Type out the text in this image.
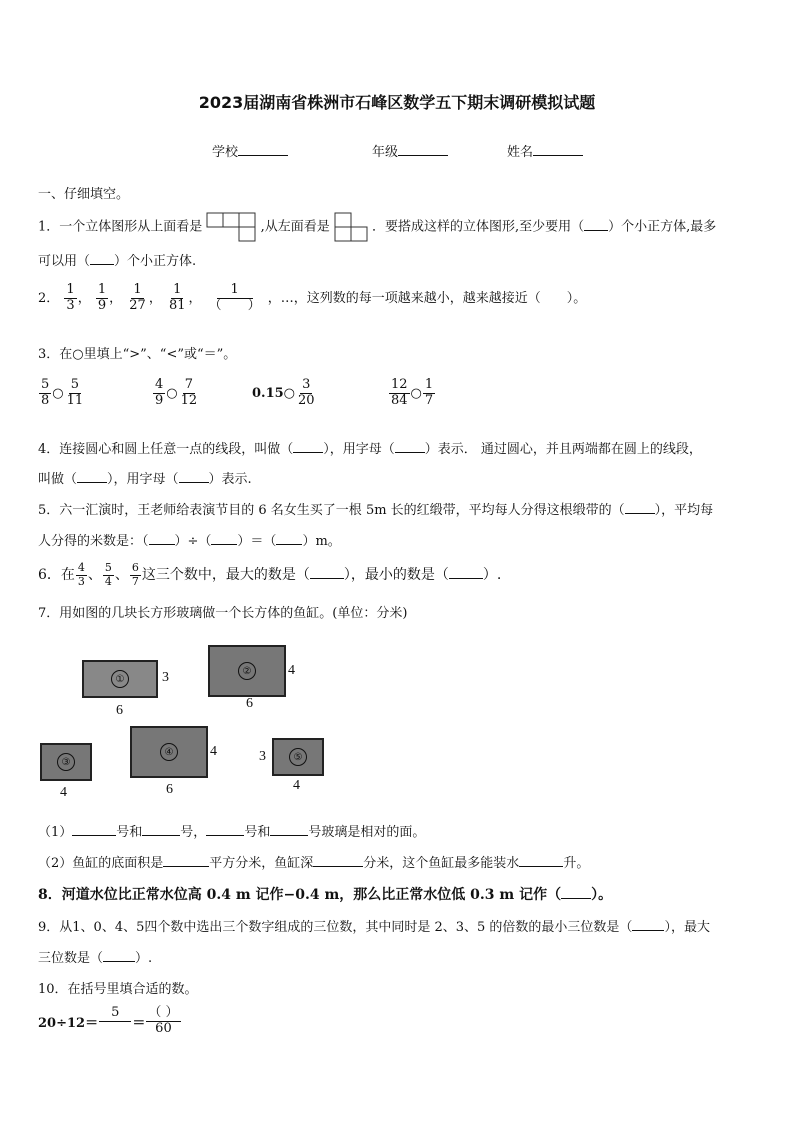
2023届湖南省株洲市石峰区数学五下期末调研模拟试题
学校	年级	姓名
一、仔细填空。
1．一个立体图形从上面看是	,从左面看是	．要搭成这样的立体图形,至少要用（ ）个小正方体,最多
可以用（ ）个小正方体.
2． $\frac{1}{3}$ ， $\frac{1}{9}$ ， $\frac{1}{27}$ ， $\frac{1}{81}$ ， $\frac{1}{( )}$ ，…，这列数的每一项越来越小，越来越接近（　　）。
3．在○里填上“>”、“<”或“＝”。
$\frac{5}{8}$ ○ $\frac{5}{11}$	$\frac{4}{9}$ ○ $\frac{7}{12}$	0.15○ $\frac{3}{20}$	$\frac{12}{84}$ ○ $\frac{1}{7}$
4．连接圆心和圆上任意一点的线段，叫做（ ），用字母（ ）表示． 通过圆心，并且两端都在圆上的线段，
叫做（ ），用字母（ ）表示.
5．六一汇演时，王老师给表演节目的 6 名女生买了一根 5m 长的红缎带，平均每人分得这根缎带的（ ），平均每
人分得的米数是：（ ）÷（ ）＝（ ）m。
6．在 $\frac{4}{3}$ 、 $\frac{5}{4}$ 、 $\frac{6}{7}$ 这三个数中，最大的数是（ ），最小的数是（ ）.
7．用如图的几块长方形玻璃做一个长方体的鱼缸。(单位：分米)
①	3
6
②	4
6
③
4
④	4
6
⑤
3
4
（1）	号和	号，	号和	号玻璃是相对的面。
（2）鱼缸的底面积是	平方分米，鱼缸深	分米，这个鱼缸最多能装水	升。
8．河道水位比正常水位高 0.4 m 记作−0.4 m，那么比正常水位低 0.3 m 记作（ ）。
9．从1、0、4、5四个数中选出三个数字组成的三位数，其中同时是 2、3、5 的倍数的最小三位数是（ ），最大
三位数是（ ）.
10．在括号里填合适的数。
20÷12＝
5

＝ $\frac{( )}{60}$
